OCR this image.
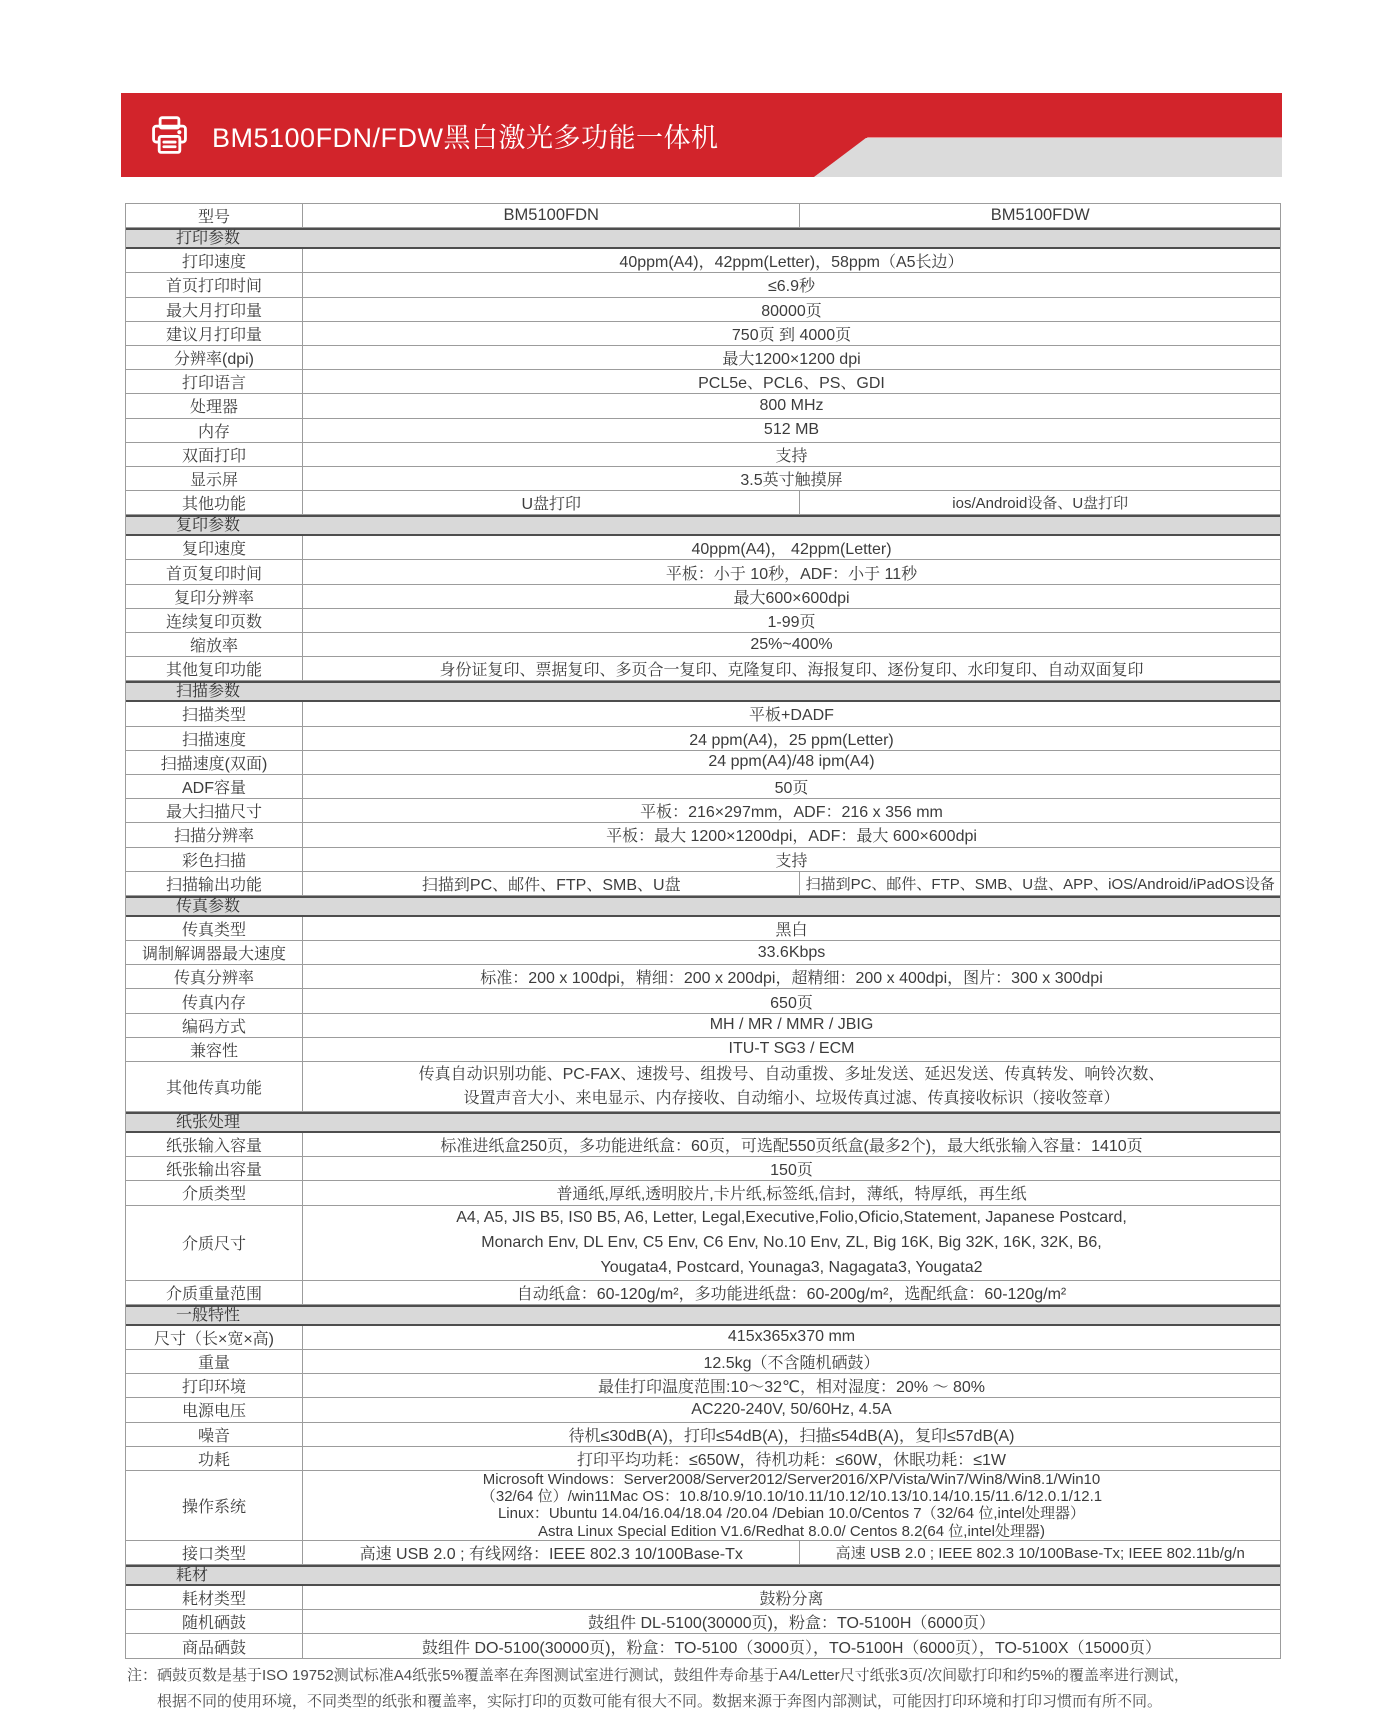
BM5100FDN/FDW黑白激光多功能一体机
型号	BM5100FDN	BM5100FDW
打印参数
打印速度	40ppm(A4)，42ppm(Letter)，58ppm（A5长边）
首页打印时间	≤6.9秒
最大月打印量	80000页
建议月打印量	750页 到 4000页
分辨率(dpi)	最大1200×1200 dpi
打印语言	PCL5e、PCL6、PS、GDI
处理器	800 MHz
内存	512 MB
双面打印	支持
显示屏	3.5英寸触摸屏
其他功能	U盘打印	ios/Android设备、U盘打印
复印参数
复印速度	40ppm(A4)， 42ppm(Letter)
首页复印时间	平板：小于 10秒，ADF：小于 11秒
复印分辨率	最大600×600dpi
连续复印页数	1-99页
缩放率	25%~400%
其他复印功能	身份证复印、票据复印、多页合一复印、克隆复印、海报复印、逐份复印、水印复印、自动双面复印
扫描参数
扫描类型	平板+DADF
扫描速度	24 ppm(A4)，25 ppm(Letter)
扫描速度(双面)	24 ppm(A4)/48 ipm(A4)
ADF容量	50页
最大扫描尺寸	平板：216×297mm，ADF：216 x 356 mm
扫描分辨率	平板：最大 1200×1200dpi，ADF：最大 600×600dpi
彩色扫描	支持
扫描输出功能	扫描到PC、邮件、FTP、SMB、U盘	扫描到PC、邮件、FTP、SMB、U盘、APP、iOS/Android/iPadOS设备
传真参数
传真类型	黑白
调制解调器最大速度	33.6Kbps
传真分辨率	标准：200 x 100dpi，精细：200 x 200dpi，超精细：200 x 400dpi，图片：300 x 300dpi
传真内存	650页
编码方式	MH / MR / MMR / JBIG
兼容性	ITU-T SG3 / ECM
其他传真功能
传真自动识别功能、PC-FAX、速拨号、组拨号、自动重拨、多址发送、延迟发送、传真转发、响铃次数、
设置声音大小、来电显示、内存接收、自动缩小、垃圾传真过滤、传真接收标识（接收签章）
纸张处理
纸张输入容量	标准进纸盒250页，多功能进纸盒：60页，可选配550页纸盒(最多2个)，最大纸张输入容量：1410页
纸张输出容量	150页
介质类型	普通纸,厚纸,透明胶片,卡片纸,标签纸,信封，薄纸，特厚纸，再生纸
介质尺寸
A4, A5, JIS B5, IS0 B5, A6, Letter, Legal,Executive,Folio,Oficio,Statement, Japanese Postcard,
Monarch Env, DL Env, C5 Env, C6 Env, No.10 Env, ZL, Big 16K, Big 32K, 16K, 32K, B6,
Yougata4, Postcard, Younaga3, Nagagata3, Yougata2
介质重量范围	自动纸盒：60-120g/m²，多功能进纸盘：60-200g/m²，选配纸盒：60-120g/m²
一般特性
尺寸（长×宽×高)	415x365x370 mm
重量	12.5kg（不含随机硒鼓）
打印环境	最佳打印温度范围:10～32℃，相对湿度：20% ～ 80%
电源电压	AC220-240V, 50/60Hz, 4.5A
噪音	待机≤30dB(A)，打印≤54dB(A)，扫描≤54dB(A)，复印≤57dB(A)
功耗	打印平均功耗：≤650W，待机功耗：≤60W，休眠功耗：≤1W
操作系统
Microsoft Windows：Server2008/Server2012/Server2016/XP/Vista/Win7/Win8/Win8.1/Win10
（32/64 位）/win11Mac OS：10.8/10.9/10.10/10.11/10.12/10.13/10.14/10.15/11.6/12.0.1/12.1
Linux：Ubuntu 14.04/16.04/18.04 /20.04 /Debian 10.0/Centos 7（32/64 位,intel处理器）
Astra Linux Special Edition V1.6/Redhat 8.0.0/ Centos 8.2(64 位,intel处理器)
接口类型	高速 USB 2.0 ; 有线网络：IEEE 802.3 10/100Base-Tx	高速 USB 2.0 ; IEEE 802.3 10/100Base-Tx; IEEE 802.11b/g/n
耗材
耗材类型	鼓粉分离
随机硒鼓	鼓组件 DL-5100(30000页)，粉盒：TO-5100H（6000页）
商品硒鼓	鼓组件 DO-5100(30000页)，粉盒：TO-5100（3000页），TO-5100H（6000页），TO-5100X（15000页）
注： 硒鼓页数是基于ISO 19752测试标准A4纸张5%覆盖率在奔图测试室进行测试，鼓组件寿命基于A4/Letter尺寸纸张3页/次间歇打印和约5%的覆盖率进行测试，
根据不同的使用环境，不同类型的纸张和覆盖率，实际打印的页数可能有很大不同。数据来源于奔图内部测试，可能因打印环境和打印习惯而有所不同。
